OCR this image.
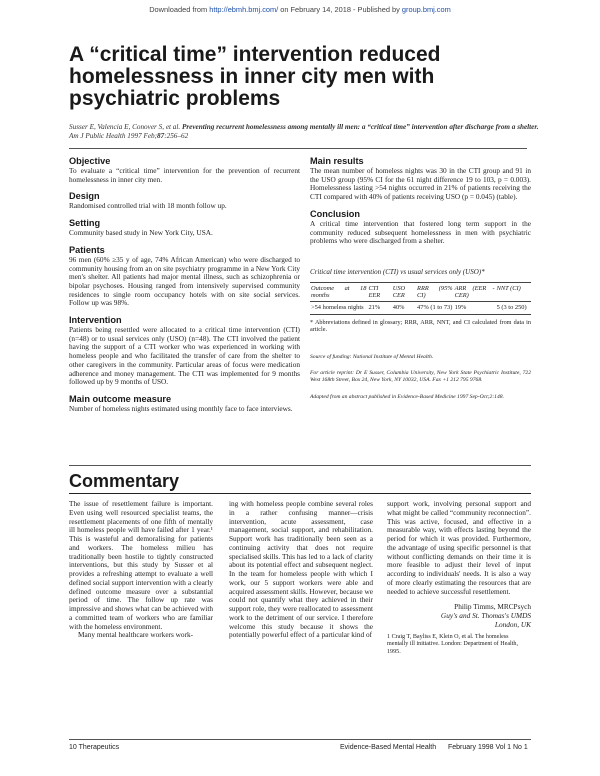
Downloaded from http://ebmh.bmj.com/ on February 14, 2018 - Published by group.bmj.com
A “critical time” intervention reduced homelessness in inner city men with psychiatric problems
Susser E, Valencia E, Conover S, et al. Preventing recurrent homelessness among mentally ill men: a “critical time” intervention after discharge from a shelter. Am J Public Health 1997 Feb;87:256–62
Objective
To evaluate a “critical time” intervention for the prevention of recurrent homelessness in inner city men.
Design
Randomised controlled trial with 18 month follow up.
Setting
Community based study in New York City, USA.
Patients
96 men (60% ≥35 y of age, 74% African American) who were discharged to community housing from an on site psychiatry programme in a New York City men's shelter. All patients had major mental illness, such as schizophrenia or bipolar psychoses. Housing ranged from intensively supervised community residences to single room occupancy hotels with on site social services. Follow up was 98%.
Intervention
Patients being resettled were allocated to a critical time intervention (CTI) (n=48) or to usual services only (USO) (n=48). The CTI involved the patient having the support of a CTI worker who was experienced in working with homeless people and who facilitated the transfer of care from the shelter to other caregivers in the community. Particular areas of focus were medication adherence and money management. The CTI was implemented for 9 months followed up by 9 months of USO.
Main outcome measure
Number of homeless nights estimated using monthly face to face interviews.
Main results
The mean number of homeless nights was 30 in the CTI group and 91 in the USO group (95% CI for the 61 night difference 19 to 103, p = 0.003). Homelessness lasting >54 nights occurred in 21% of patients receiving the CTI compared with 40% of patients receiving USO (p = 0.045) (table).
Conclusion
A critical time intervention that fostered long term support in the community reduced subsequent homelessness in men with psychiatric problems who were discharged from a shelter.
Critical time intervention (CTI) vs usual services only (USO)*
Outcome at 18 months	CTI EER	USO CER	RRR (95% CI)	ARR (EER - CER)	NNT (CI)
>54 homeless nights	21%	40%	47% (1 to 73)	19%	5 (3 to 250)
* Abbreviations defined in glossary; RRR, ARR, NNT, and CI calculated from data in article.
Source of funding: National Institute of Mental Health.
For article reprint: Dr E Susser, Columbia University, New York State Psychiatric Institute, 722 West 168th Street, Box 24, New York, NY 10032, USA. Fax +1 212 795 9768.
Adapted from an abstract published in Evidence-Based Medicine 1997 Sep-Oct;2:148.
Commentary

The issue of resettlement failure is important. Even using well resourced specialist teams, the resettlement placements of one fifth of mentally ill homeless people will have failed after 1 year.¹ This is wasteful and demoralising for patients and workers. The homeless milieu has traditionally been hostile to tightly constructed interventions, but this study by Susser et al provides a refreshing attempt to evaluate a well defined social support intervention with a clearly defined outcome measure over a substantial period of time. The follow up rate was impressive and shows what can be achieved with a committed team of workers who are familiar with the homeless environment.

Many mental healthcare workers work-

ing with homeless people combine several roles in a rather confusing manner—crisis intervention, acute assessment, case management, social support, and rehabilitation. Support work has traditionally been seen as a continuing activity that does not require specialised skills. This has led to a lack of clarity about its potential effect and subsequent neglect. In the team for homeless people with which I work, our 5 support workers were able and acquired assessment skills. However, because we could not quantify what they achieved in their support role, they were reallocated to assessment work to the detriment of our service. I therefore welcome this study because it shows the potentially powerful effect of a particular kind of

support work, involving personal support and what might be called “community reconnection”. This was active, focused, and effective in a measurable way, with effects lasting beyond the period for which it was provided. Furthermore, the advantage of using specific personnel is that without conflicting demands on their time it is more feasible to adjust their level of input according to individuals' needs. It is also a way of more clearly estimating the resources that are needed to achieve successful resettlement.

Philip Timms, MRCPsych
Guy's and St. Thomas's UMDS
London, UK
1 Craig T, Bayliss E, Klein O, et al. The homeless mentally ill initiative. London: Department of Health, 1995.
10 Therapeutics	Evidence-Based Mental Health February 1998 Vol 1 No 1
